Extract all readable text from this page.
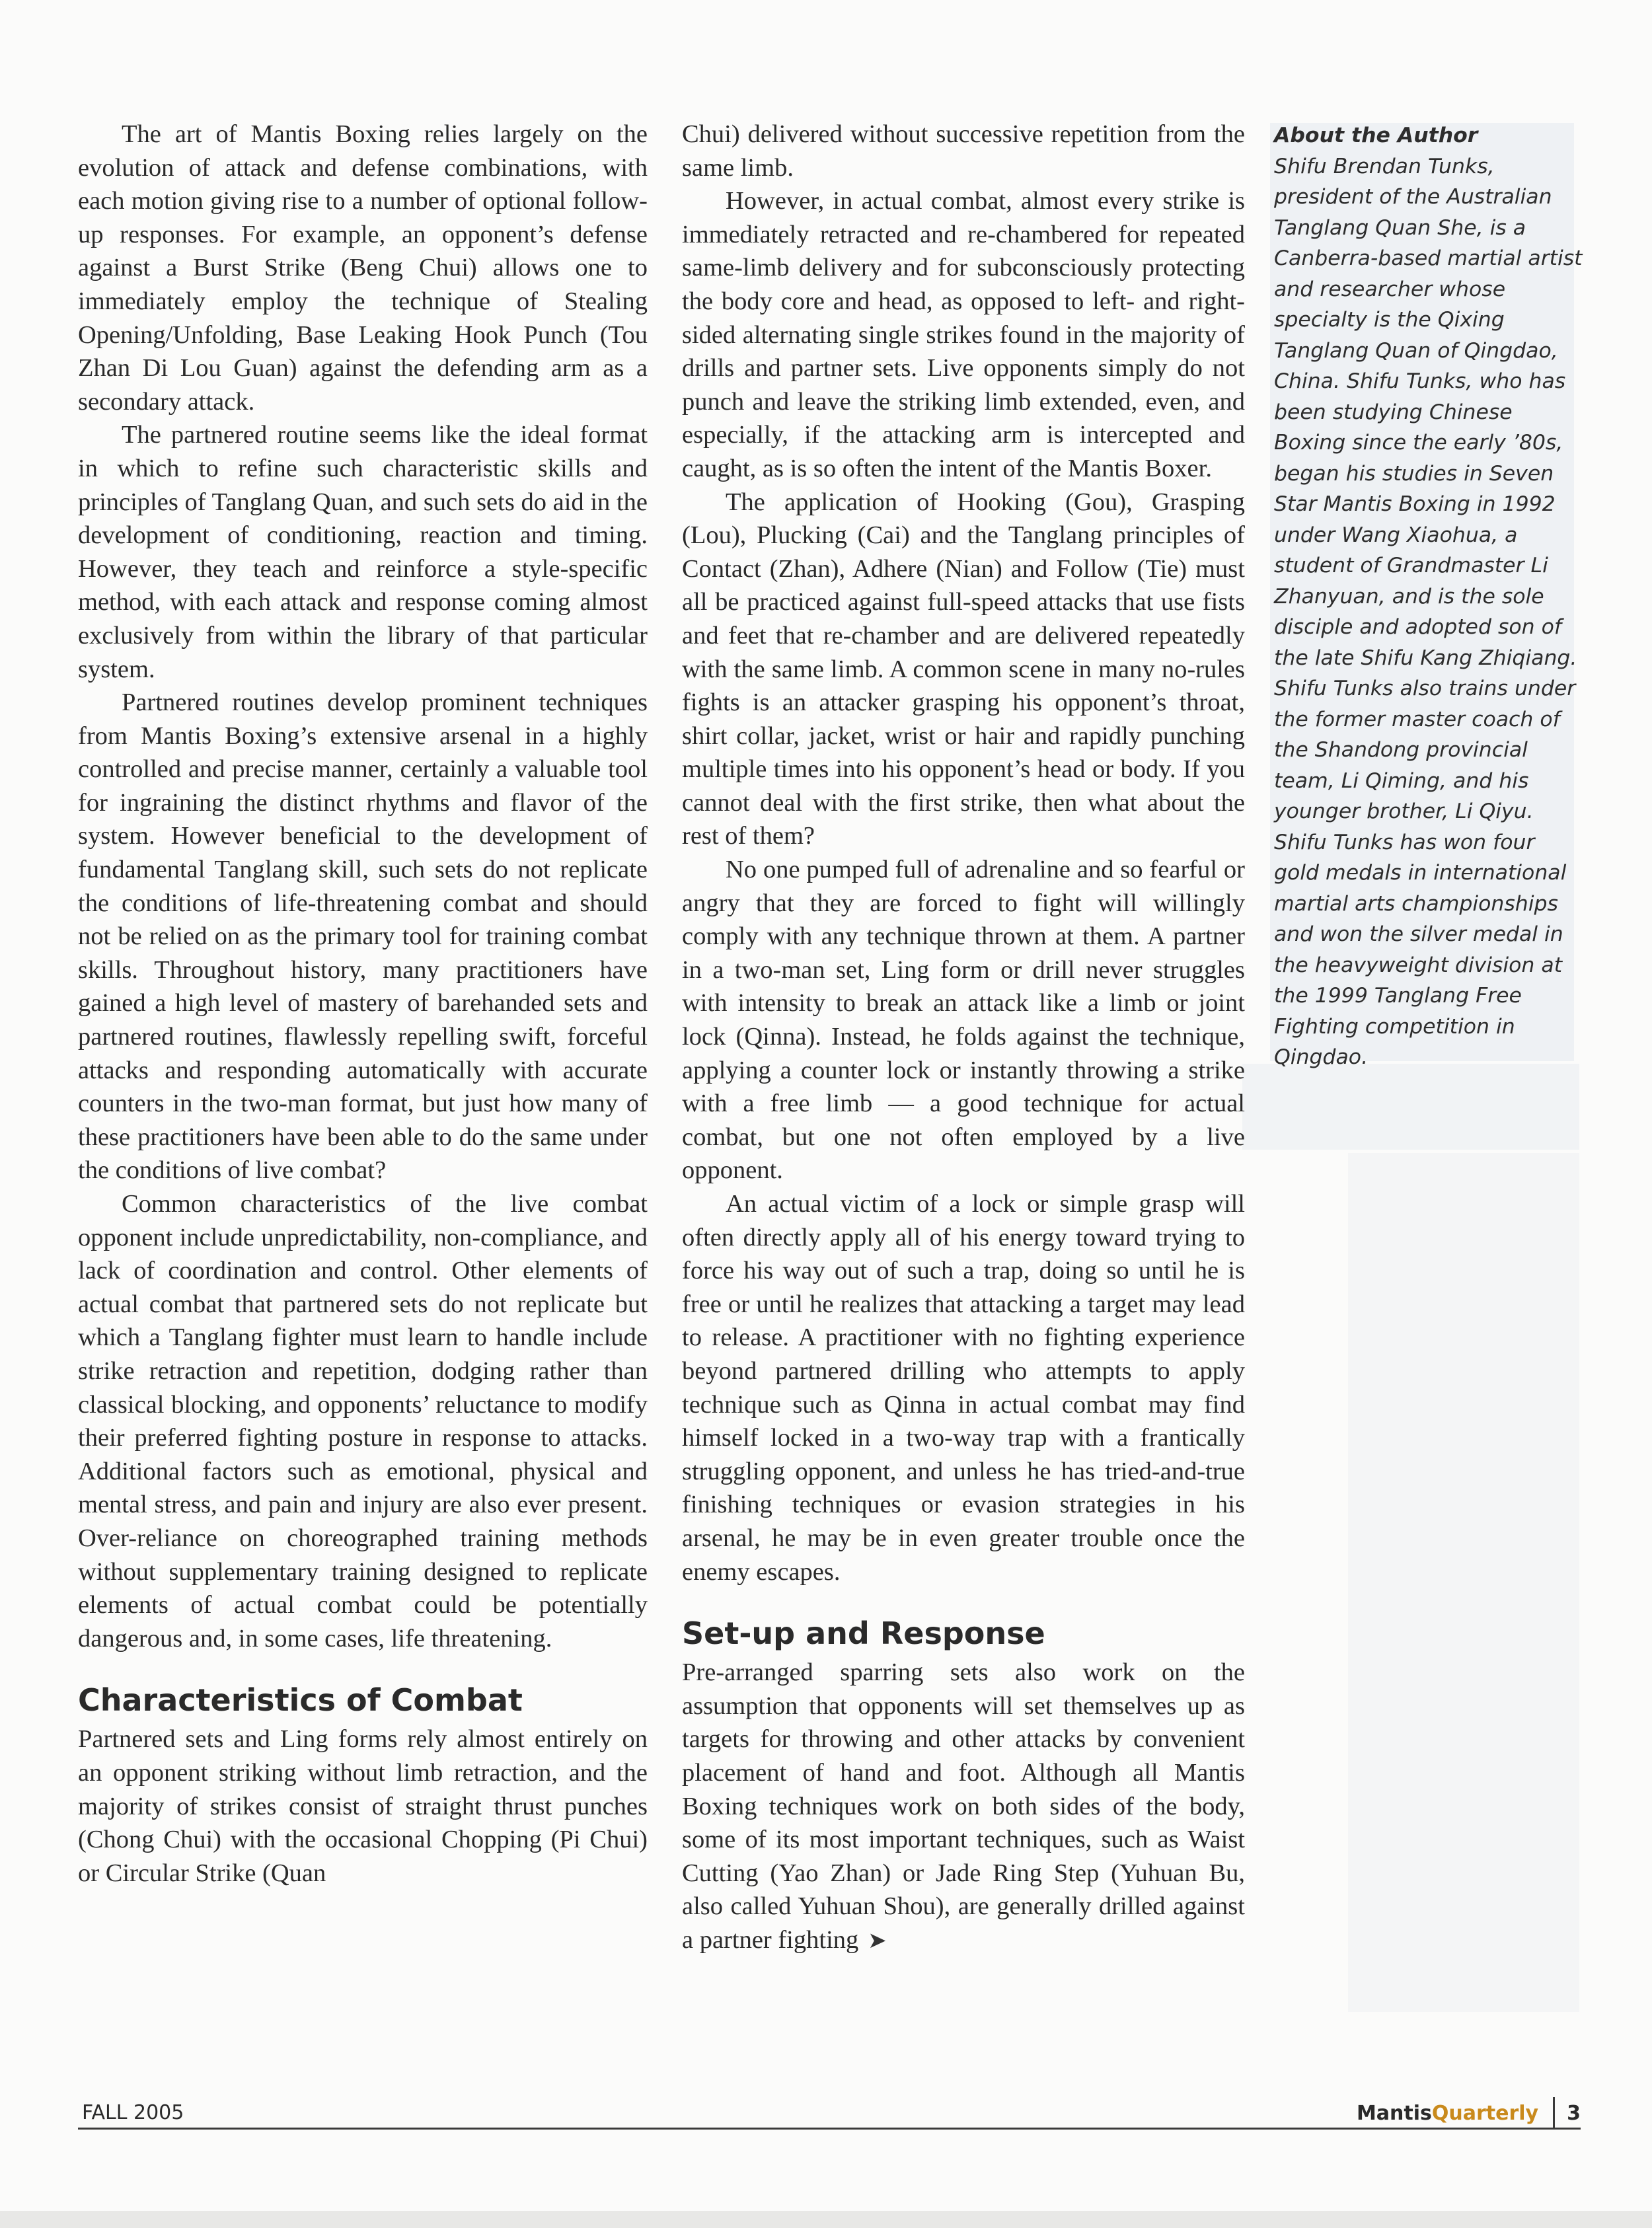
The art of Mantis Boxing relies largely on the evolution of attack and defense combinations, with each motion giving rise to a number of optional follow-up responses. For example, an opponent’s defense against a Burst Strike (Beng Chui) allows one to immediately employ the technique of Stealing Opening/Unfolding, Base Leaking Hook Punch (Tou Zhan Di Lou Guan) against the defending arm as a secondary attack.

The partnered routine seems like the ideal format in which to refine such characteristic skills and principles of Tanglang Quan, and such sets do aid in the development of conditioning, reaction and timing. However, they teach and reinforce a style-specific method, with each attack and response coming almost exclusively from within the library of that particular system.

Partnered routines develop prominent techniques from Mantis Boxing’s extensive arsenal in a highly controlled and precise manner, certainly a valuable tool for ingraining the distinct rhythms and flavor of the system. However beneficial to the development of fundamental Tanglang skill, such sets do not replicate the conditions of life-threatening combat and should not be relied on as the primary tool for training combat skills. Throughout history, many practitioners have gained a high level of mastery of barehanded sets and partnered routines, flawlessly repelling swift, forceful attacks and responding automatically with accurate counters in the two-man format, but just how many of these practitioners have been able to do the same under the conditions of live combat?

Common characteristics of the live combat opponent include unpredictability, non-compliance, and lack of coordination and control. Other elements of actual combat that partnered sets do not replicate but which a Tanglang fighter must learn to handle include strike retraction and repetition, dodging rather than classical blocking, and opponents’ reluctance to modify their preferred fighting posture in response to attacks. Additional factors such as emotional, physical and mental stress, and pain and injury are also ever present. Over-reliance on choreographed training methods without supplementary training designed to replicate elements of actual combat could be potentially dangerous and, in some cases, life threatening.

Characteristics of Combat

Partnered sets and Ling forms rely almost entirely on an opponent striking without limb retraction, and the majority of strikes consist of straight thrust punches (Chong Chui) with the occasional Chopping (Pi Chui) or Circular Strike (Quan

Chui) delivered without successive repetition from the same limb.

However, in actual combat, almost every strike is immediately retracted and re-chambered for repeated same-limb delivery and for subconsciously protecting the body core and head, as opposed to left- and right-sided alternating single strikes found in the majority of drills and partner sets. Live opponents simply do not punch and leave the striking limb extended, even, and especially, if the attacking arm is intercepted and caught, as is so often the intent of the Mantis Boxer.

The application of Hooking (Gou), Grasping (Lou), Plucking (Cai) and the Tanglang principles of Contact (Zhan), Adhere (Nian) and Follow (Tie) must all be practiced against full-speed attacks that use fists and feet that re-chamber and are delivered repeatedly with the same limb. A common scene in many no-rules fights is an attacker grasping his opponent’s throat, shirt collar, jacket, wrist or hair and rapidly punching multiple times into his opponent’s head or body. If you cannot deal with the first strike, then what about the rest of them?

No one pumped full of adrenaline and so fearful or angry that they are forced to fight will willingly comply with any technique thrown at them. A partner in a two-man set, Ling form or drill never struggles with intensity to break an attack like a limb or joint lock (Qinna). Instead, he folds against the technique, applying a counter lock or instantly throwing a strike with a free limb — a good technique for actual combat, but one not often employed by a live opponent.

An actual victim of a lock or simple grasp will often directly apply all of his energy toward trying to force his way out of such a trap, doing so until he is free or until he realizes that attacking a target may lead to release. A practitioner with no fighting experience beyond partnered drilling who attempts to apply technique such as Qinna in actual combat may find himself locked in a two-way trap with a frantically struggling opponent, and unless he has tried-and-true finishing techniques or evasion strategies in his arsenal, he may be in even greater trouble once the enemy escapes.

Set-up and Response

Pre-arranged sparring sets also work on the assumption that opponents will set themselves up as targets for throwing and other attacks by convenient placement of hand and foot. Although all Mantis Boxing techniques work on both sides of the body, some of its most important techniques, such as Waist Cutting (Yao Zhan) or Jade Ring Step (Yuhuan Bu, also called Yuhuan Shou), are generally drilled against a partner fighting ➤

About the Author
Shifu Brendan Tunks, president of the Australian Tanglang Quan She, is a Canberra-based martial artist and researcher whose specialty is the Qixing Tanglang Quan of Qingdao, China. Shifu Tunks, who has been studying Chinese Boxing since the early ’80s, began his studies in Seven Star Mantis Boxing in 1992 under Wang Xiaohua, a student of Grandmaster Li Zhanyuan, and is the sole disciple and adopted son of the late Shifu Kang Zhiqiang. Shifu Tunks also trains under the former master coach of the Shandong provincial team, Li Qiming, and his younger brother, Li Qiyu. Shifu Tunks has won four gold medals in international martial arts championships and won the silver medal in the heavyweight division at the 1999 Tanglang Free Fighting competition in Qingdao.
FALL 2005	Mantis Quarterly 3
